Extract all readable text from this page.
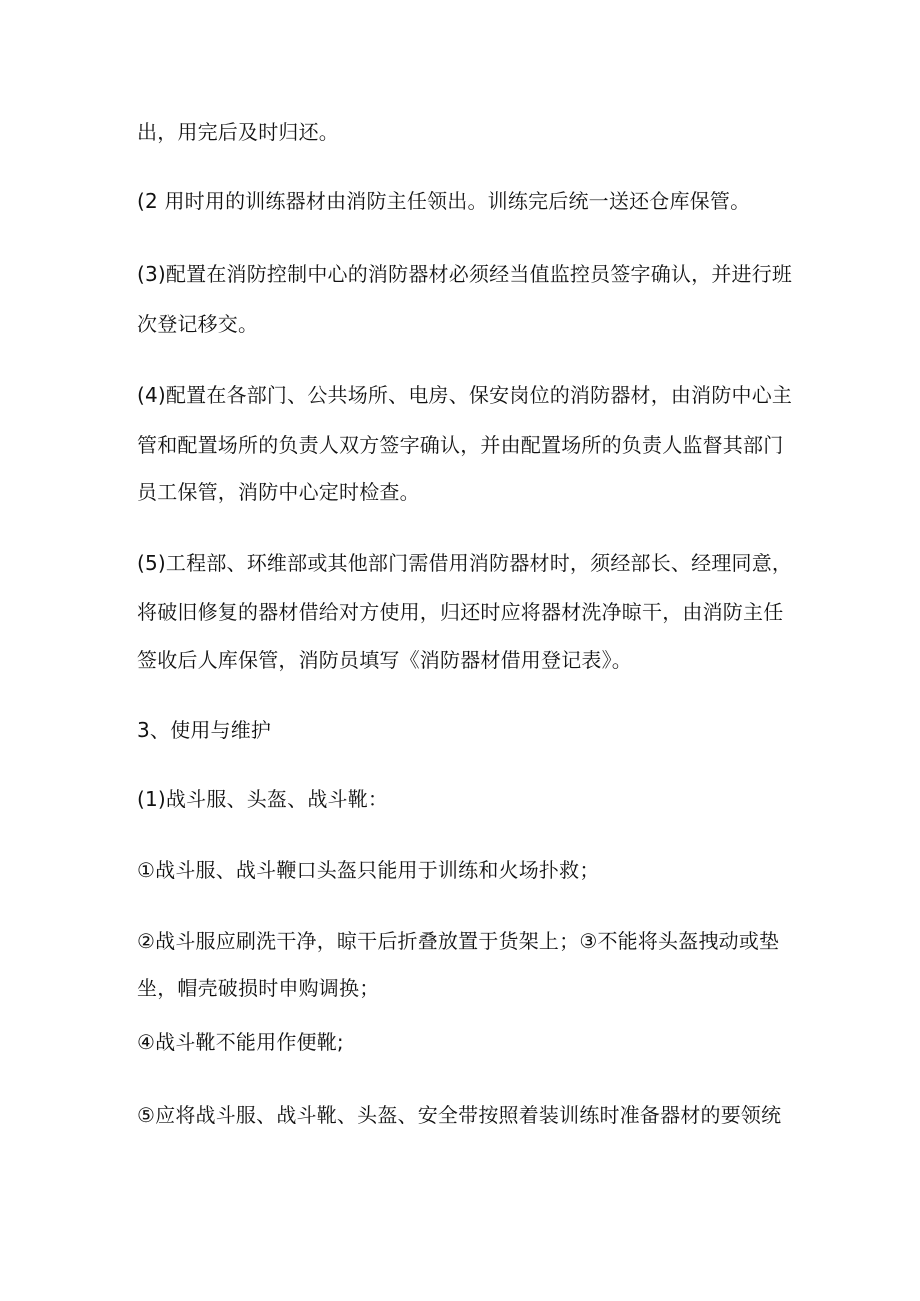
出，用完后及时归还。
(2 用时用的训练器材由消防主任领出。训练完后统一送还仓库保管。
(3)配置在消防控制中心的消防器材必须经当值监控员签字确认，并进行班
次登记移交。
(4)配置在各部门、公共场所、电房、保安岗位的消防器材，由消防中心主
管和配置场所的负责人双方签字确认，并由配置场所的负责人监督其部门
员工保管，消防中心定时检查。
(5)工程部、环维部或其他部门需借用消防器材时，须经部长、经理同意，
将破旧修复的器材借给对方使用，归还时应将器材洗净晾干，由消防主任
签收后人库保管，消防员填写《消防器材借用登记表》。
3、使用与维护
(1)战斗服、头盔、战斗靴：
①战斗服、战斗鞭口头盔只能用于训练和火场扑救；
②战斗服应刷洗干净，晾干后折叠放置于货架上；③不能将头盔拽动或垫
坐，帽壳破损时申购调换；
④战斗靴不能用作便靴;
⑤应将战斗服、战斗靴、头盔、安全带按照着装训练时准备器材的要领统
